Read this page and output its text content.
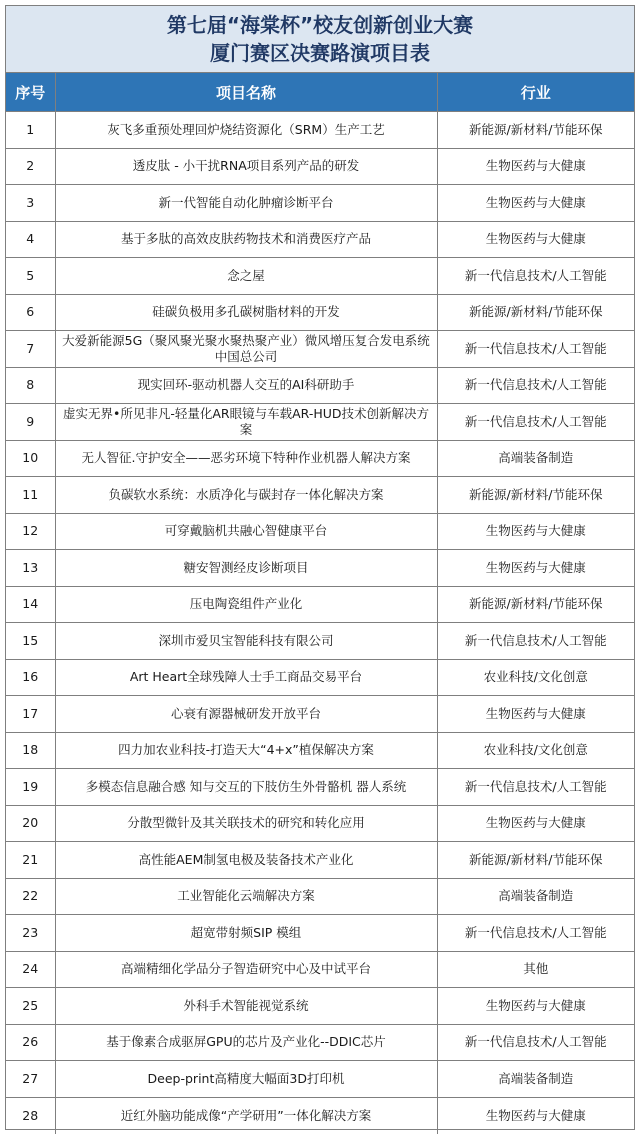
第七届“海棠杯”校友创新创业大赛
厦门赛区决赛路演项目表
序号	项目名称	行业
1	灰飞多重预处理回炉烧结资源化（SRM）生产工艺	新能源/新材料/节能环保
2	透皮肽 - 小干扰RNA项目系列产品的研发	生物医药与大健康
3	新一代智能自动化肿瘤诊断平台	生物医药与大健康
4	基于多肽的高效皮肤药物技术和消费医疗产品	生物医药与大健康
5	念之屋	新一代信息技术/人工智能
6	硅碳负极用多孔碳树脂材料的开发	新能源/新材料/节能环保
7	大爱新能源5G（聚风聚光聚水聚热聚产业）微风增压复合发电系统中国总公司	新一代信息技术/人工智能
8	现实回环-驱动机器人交互的AI科研助手	新一代信息技术/人工智能
9	虚实无界•所见非凡-轻量化AR眼镜与车载AR-HUD技术创新解决方案	新一代信息技术/人工智能
10	无人智征.守护安全——恶劣环境下特种作业机器人解决方案	高端装备制造
11	负碳软水系统：水质净化与碳封存一体化解决方案	新能源/新材料/节能环保
12	可穿戴脑机共融心智健康平台	生物医药与大健康
13	糖安智测经皮诊断项目	生物医药与大健康
14	压电陶瓷组件产业化	新能源/新材料/节能环保
15	深圳市爱贝宝智能科技有限公司	新一代信息技术/人工智能
16	Art Heart全球残障人士手工商品交易平台	农业科技/文化创意
17	心衰有源器械研发开放平台	生物医药与大健康
18	四力加农业科技-打造天大“4+x”植保解决方案	农业科技/文化创意
19	多模态信息融合感 知与交互的下肢仿生外骨骼机 器人系统	新一代信息技术/人工智能
20	分散型微针及其关联技术的研究和转化应用	生物医药与大健康
21	高性能AEM制氢电极及装备技术产业化	新能源/新材料/节能环保
22	工业智能化云端解决方案	高端装备制造
23	超宽带射频SIP 模组	新一代信息技术/人工智能
24	高端精细化学品分子智造研究中心及中试平台	其他
25	外科手术智能视觉系统	生物医药与大健康
26	基于像素合成驱屏GPU的芯片及产业化--DDIC芯片	新一代信息技术/人工智能
27	Deep-print高精度大幅面3D打印机	高端装备制造
28	近红外脑功能成像“产学研用”一体化解决方案	生物医药与大健康
